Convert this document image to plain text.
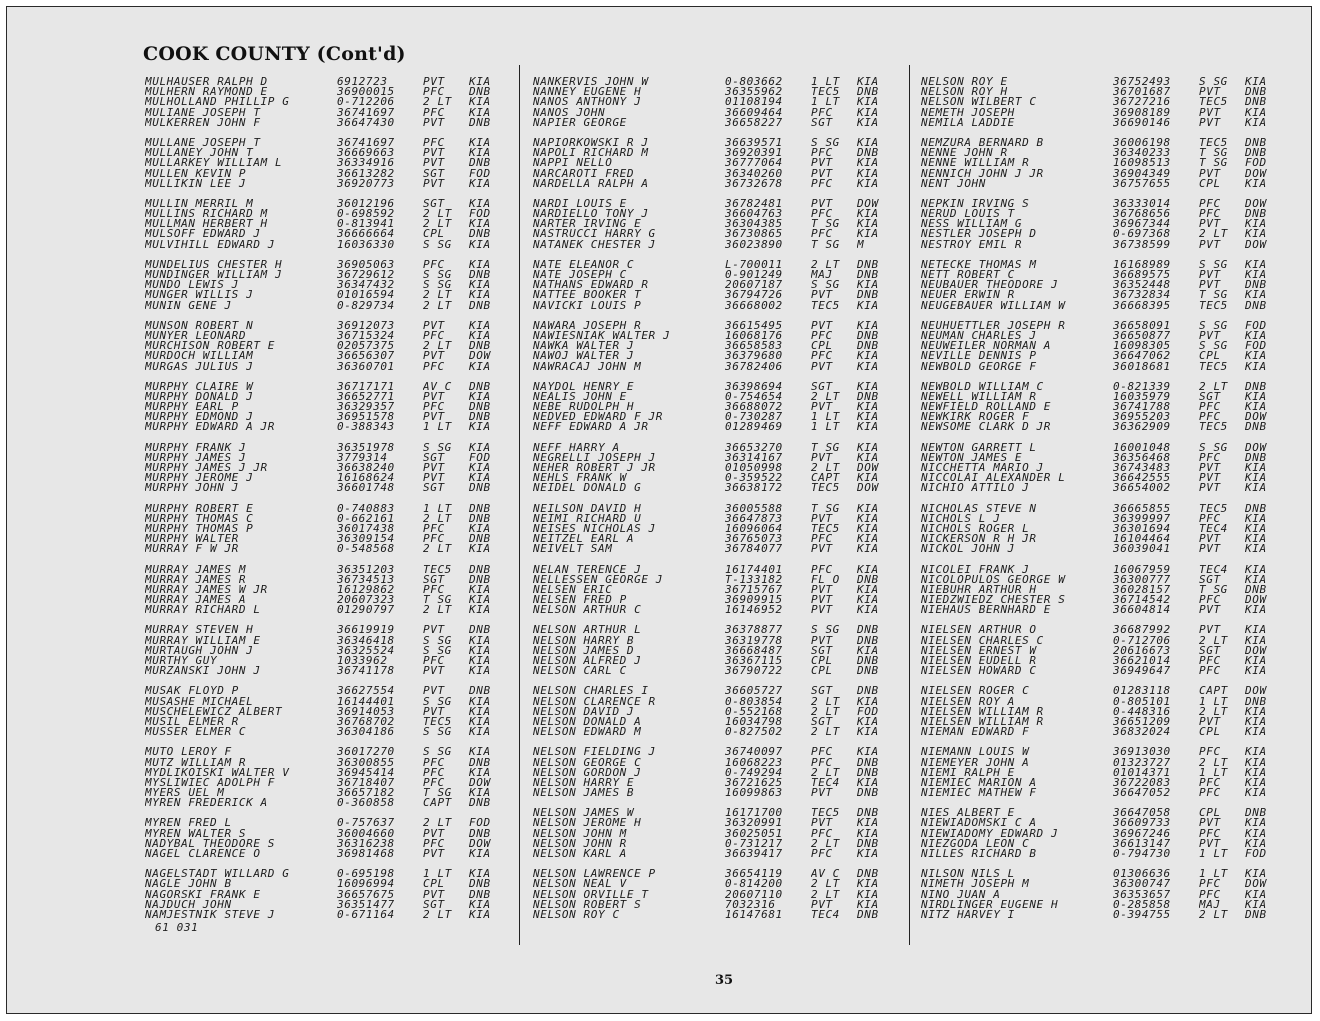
COOK COUNTY (Cont'd)
MULHAUSER RALPH D	6912723	PVT	KIA
MULHERN RAYMOND E	36900015	PFC	DNB
MULHOLLAND PHILLIP G	0-712206	2 LT	KIA
MULIANE JOSEPH T	36741697	PFC	KIA
MULKERREN JOHN F	36647430	PVT	DNB
MULLANE JOSEPH T	36741697	PFC	KIA
MULLANEY JOHN T	36669663	PVT	KIA
MULLARKEY WILLIAM L	36334916	PVT	DNB
MULLEN KEVIN P	36613282	SGT	FOD
MULLIKIN LEE J	36920773	PVT	KIA
MULLIN MERRIL M	36012196	SGT	KIA
MULLINS RICHARD M	0-698592	2 LT	FOD
MULLMAN HERBERT H	0-813941	2 LT	KIA
MULSOFF EDWARD J	36666664	CPL	DNB
MULVIHILL EDWARD J	16036330	S SG	KIA
MUNDELIUS CHESTER H	36905063	PFC	KIA
MUNDINGER WILLIAM J	36729612	S SG	DNB
MUNDO LEWIS J	36347432	S SG	KIA
MUNGER WILLIS J	01016594	2 LT	KIA
MUNIN GENE J	0-829734	2 LT	DNB
MUNSON ROBERT N	36912073	PVT	KIA
MUNYER LEONARD	36715324	PFC	KIA
MURCHISON ROBERT E	02057375	2 LT	DNB
MURDOCH WILLIAM	36656307	PVT	DOW
MURGAS JULIUS J	36360701	PFC	KIA
MURPHY CLAIRE W	36717171	AV C	DNB
MURPHY DONALD J	36652771	PVT	KIA
MURPHY EARL P	36329357	PFC	DNB
MURPHY EDMOND J	36951578	PVT	DNB
MURPHY EDWARD A JR	0-388343	1 LT	KIA
MURPHY FRANK J	36351978	S SG	KIA
MURPHY JAMES J	3779314	SGT	FOD
MURPHY JAMES J JR	36638240	PVT	KIA
MURPHY JEROME J	16168624	PVT	KIA
MURPHY JOHN J	36601748	SGT	DNB
MURPHY ROBERT E	0-740883	1 LT	DNB
MURPHY THOMAS C	0-662161	2 LT	DNB
MURPHY THOMAS P	36017438	PFC	KIA
MURPHY WALTER	36309154	PFC	DNB
MURRAY F W JR	0-548568	2 LT	KIA
MURRAY JAMES M	36351203	TEC5	DNB
MURRAY JAMES R	36734513	SGT	DNB
MURRAY JAMES W JR	16129862	PFC	KIA
MURRAY JAMES A	20607323	T SG	KIA
MURRAY RICHARD L	01290797	2 LT	KIA
MURRAY STEVEN H	36619919	PVT	DNB
MURRAY WILLIAM E	36346418	S SG	KIA
MURTAUGH JOHN J	36325524	S SG	KIA
MURTHY GUY	1033962	PFC	KIA
MURZANSKI JOHN J	36741178	PVT	KIA
MUSAK FLOYD P	36627554	PVT	DNB
MUSASHE MICHAEL	16144401	S SG	KIA
MUSCHELEWICZ ALBERT	36914053	PVT	KIA
MUSIL ELMER R	36768702	TEC5	KIA
MUSSER ELMER C	36304186	S SG	KIA
MUTO LEROY F	36017270	S SG	KIA
MUTZ WILLIAM R	36300855	PFC	DNB
MYDLIKOISKI WALTER V	36945414	PFC	KIA
MYSLIWIEC ADOLPH F	36718407	PFC	DOW
MYERS UEL M	36657182	T SG	KIA
MYREN FREDERICK A	0-360858	CAPT	DNB
MYREN FRED L	0-757637	2 LT	FOD
MYREN WALTER S	36004660	PVT	DNB
NADYBAL THEODORE S	36316238	PFC	DOW
NAGEL CLARENCE O	36981468	PVT	KIA
NAGELSTADT WILLARD G	0-695198	1 LT	KIA
NAGLE JOHN B	16096994	CPL	DNB
NAGORSKI FRANK E	36657675	PVT	DNB
NAJDUCH JOHN	36351477	SGT	KIA
NAMJESTNIK STEVE J	0-671164	2 LT	KIA
NANKERVIS JOHN W	0-803662	1 LT	KIA
NANNEY EUGENE H	36355962	TEC5	DNB
NANOS ANTHONY J	01108194	1 LT	KIA
NANOS JOHN	36609464	PFC	KIA
NAPIER GEORGE	36658227	SGT	KIA
NAPIORKOWSKI R J	36639571	S SG	KIA
NAPOLI RICHARD M	36920391	PFC	DNB
NAPPI NELLO	36777064	PVT	KIA
NARCAROTI FRED	36340260	PVT	KIA
NARDELLA RALPH A	36732678	PFC	KIA
NARDI LOUIS E	36782481	PVT	DOW
NARDIELLO TONY J	36604763	PFC	KIA
NARTER IRVING E	36304385	T SG	KIA
NASTRUCCI HARRY G	36730865	PFC	KIA
NATANEK CHESTER J	36023890	T SG	M
NATE ELEANOR C	L-700011	2 LT	DNB
NATE JOSEPH C	0-901249	MAJ	DNB
NATHANS EDWARD R	20607187	S SG	KIA
NATTEE BOOKER T	36794726	PVT	DNB
NAVICKI LOUIS P	36668002	TEC5	KIA
NAWARA JOSEPH R	36615495	PVT	KIA
NAWIESNIAK WALTER J	16068176	PFC	DNB
NAWKA WALTER J	36658583	CPL	DNB
NAWOJ WALTER J	36379680	PFC	KIA
NAWRACAJ JOHN M	36782406	PVT	KIA
NAYDOL HENRY E	36398694	SGT	KIA
NEALIS JOHN E	0-754654	2 LT	DNB
NEBE RUDOLPH H	36688072	PVT	KIA
NEDVED EDWARD F JR	0-730287	1 LT	KIA
NEFF EDWARD A JR	01289469	1 LT	KIA
NEFF HARRY A	36653270	T SG	KIA
NEGRELLI JOSEPH J	36314167	PVT	KIA
NEHER ROBERT J JR	01050998	2 LT	DOW
NEHLS FRANK W	0-359522	CAPT	KIA
NEIDEL DONALD G	36638172	TEC5	DOW
NEILSON DAVID H	36005588	T SG	KIA
NEIMI RICHARD U	36647873	PVT	KIA
NEISES NICHOLAS J	16096064	TEC5	KIA
NEITZEL EARL A	36765073	PFC	KIA
NEIVELT SAM	36784077	PVT	KIA
NELAN TERENCE J	16174401	PFC	KIA
NELLESSEN GEORGE J	T-133182	FL O	DNB
NELSEN ERIC	36715767	PVT	KIA
NELSEN FRED P	36909915	PVT	KIA
NELSON ARTHUR C	16146952	PVT	KIA
NELSON ARTHUR L	36378877	S SG	DNB
NELSON HARRY B	36319778	PVT	DNB
NELSON JAMES D	36668487	SGT	KIA
NELSON ALFRED J	36367115	CPL	DNB
NELSON CARL C	36790722	CPL	DNB
NELSON CHARLES I	36605727	SGT	DNB
NELSON CLARENCE R	0-803854	2 LT	KIA
NELSON DAVID J	0-552168	2 LT	FOD
NELSON DONALD A	16034798	SGT	KIA
NELSON EDWARD M	0-827502	2 LT	KIA
NELSON FIELDING J	36740097	PFC	KIA
NELSON GEORGE C	16068223	PFC	DNB
NELSON GORDON J	0-749294	2 LT	DNB
NELSON HARRY E	36721625	TEC4	KIA
NELSON JAMES B	16099863	PVT	DNB
NELSON JAMES W	16171700	TEC5	DNB
NELSON JEROME H	36320991	PVT	KIA
NELSON JOHN M	36025051	PFC	KIA
NELSON JOHN R	0-731217	2 LT	DNB
NELSON KARL A	36639417	PFC	KIA
NELSON LAWRENCE P	36654119	AV C	DNB
NELSON NEAL V	0-814200	2 LT	KIA
NELSON ORVILLE T	20607110	2 LT	KIA
NELSON ROBERT S	7032316	PVT	KIA
NELSON ROY C	16147681	TEC4	DNB
NELSON ROY E	36752493	S SG	KIA
NELSON ROY H	36701687	PVT	DNB
NELSON WILBERT C	36727216	TEC5	DNB
NEMETH JOSEPH	36908189	PVT	KIA
NEMILA LADDIE	36690146	PVT	KIA
NEMZURA BERNARD B	36006198	TEC5	DNB
NENNE JOHN R	36340233	T SG	DNB
NENNE WILLIAM R	16098513	T SG	FOD
NENNICH JOHN J JR	36904349	PVT	DOW
NENT JOHN	36757655	CPL	KIA
NEPKIN IRVING S	36333014	PFC	DOW
NERUD LOUIS T	36768656	PFC	DNB
NESS WILLIAM G	36967344	PVT	KIA
NESTLER JOSEPH D	0-697368	2 LT	KIA
NESTROY EMIL R	36738599	PVT	DOW
NETECKE THOMAS M	16168989	S SG	KIA
NETT ROBERT C	36689575	PVT	KIA
NEUBAUER THEODORE J	36352448	PVT	DNB
NEUER ERWIN R	36732834	T SG	KIA
NEUGEBAUER WILLIAM W	36668395	TEC5	DNB
NEUHUETTLER JOSEPH R	36658091	S SG	FOD
NEUMAN CHARLES J	36650877	PVT	KIA
NEUWEILER NORMAN A	16098305	S SG	FOD
NEVILLE DENNIS P	36647062	CPL	KIA
NEWBOLD GEORGE F	36018681	TEC5	KIA
NEWBOLD WILLIAM C	0-821339	2 LT	DNB
NEWELL WILLIAM R	16035979	SGT	KIA
NEWFIELD ROLLAND E	36741788	PFC	KIA
NEWKIRK ROGER F	36955203	PFC	DOW
NEWSOME CLARK D JR	36362909	TEC5	DNB
NEWTON GARRETT L	16001048	S SG	DOW
NEWTON JAMES E	36356468	PFC	DNB
NICCHETTA MARIO J	36743483	PVT	KIA
NICCOLAI ALEXANDER L	36642555	PVT	KIA
NICHIO ATTILO J	36654002	PVT	KIA
NICHOLAS STEVE N	36665855	TEC5	DNB
NICHOLS L J	36399997	PFC	KIA
NICHOLS ROGER L	36301694	TEC4	KIA
NICKERSON R H JR	16104464	PVT	KIA
NICKOL JOHN J	36039041	PVT	KIA
NICOLEI FRANK J	16067959	TEC4	KIA
NICOLOPULOS GEORGE W	36300777	SGT	KIA
NIEBUHR ARTHUR H	36028157	T SG	DNB
NIEDZWIEDZ CHESTER S	36714542	PFC	DOW
NIEHAUS BERNHARD E	36604814	PVT	KIA
NIELSEN ARTHUR O	36687992	PVT	KIA
NIELSEN CHARLES C	0-712706	2 LT	KIA
NIELSEN ERNEST W	20616673	SGT	DOW
NIELSEN EUDELL R	36621014	PFC	KIA
NIELSEN HOWARD C	36949647	PFC	KIA
NIELSEN ROGER C	01283118	CAPT	DOW
NIELSEN ROY A	0-805101	1 LT	DNB
NIELSEN WILLIAM R	0-448316	2 LT	KIA
NIELSEN WILLIAM R	36651209	PVT	KIA
NIEMAN EDWARD F	36832024	CPL	KIA
NIEMANN LOUIS W	36913030	PFC	KIA
NIEMEYER JOHN A	01323727	2 LT	KIA
NIEMI RALPH E	01014371	1 LT	KIA
NIEMIEC MARION A	36722083	PFC	KIA
NIEMIEC MATHEW F	36647052	PFC	KIA
NIES ALBERT E	36647058	CPL	DNB
NIEWIADOMSKI C A	36609733	PVT	KIA
NIEWIADOMY EDWARD J	36967246	PFC	KIA
NIEZGODA LEON C	36613147	PVT	KIA
NILLES RICHARD B	0-794730	1 LT	FOD
NILSON NILS L	01306636	1 LT	KIA
NIMETH JOSEPH M	36300747	PFC	DOW
NINO JUAN A	36353657	PFC	KIA
NIRDLINGER EUGENE H	0-285858	MAJ	KIA
NITZ HARVEY I	0-394755	2 LT	DNB
61 031
35
